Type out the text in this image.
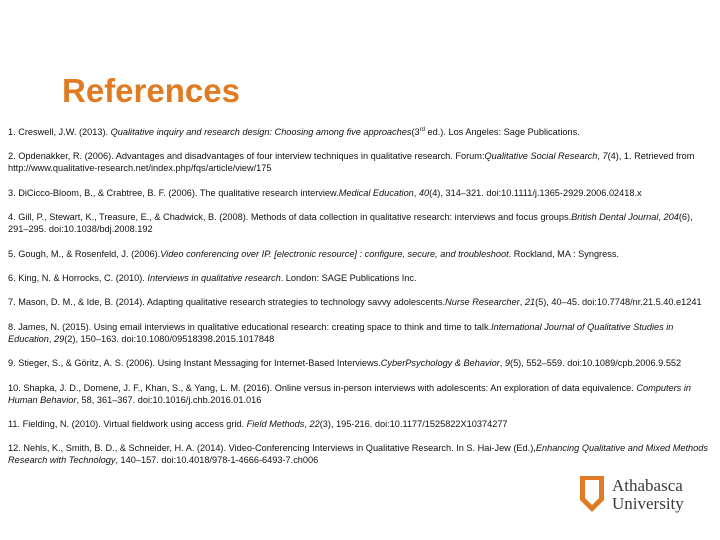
References

1. Creswell, J.W. (2013). Qualitative inquiry and research design: Choosing among five approaches(3rd ed.). Los Angeles: Sage Publications.

2. Opdenakker, R. (2006). Advantages and disadvantages of four interview techniques in qualitative research. Forum:Qualitative Social Research, 7(4), 1. Retrieved from http://www.qualitative-research.net/index.php/fqs/article/view/175

3. DiCicco-Bloom, B., & Crabtree, B. F. (2006). The qualitative research interview.Medical Education, 40(4), 314–321. doi:10.1111/j.1365-2929.2006.02418.x

4. Gill, P., Stewart, K., Treasure, E., & Chadwick, B. (2008). Methods of data collection in qualitative research: interviews and focus groups.British Dental Journal, 204(6), 291–295. doi:10.1038/bdj.2008.192

5. Gough, M., & Rosenfeld, J. (2006).Video conferencing over IP. [electronic resource] : configure, secure, and troubleshoot. Rockland, MA : Syngress.

6. King, N. & Horrocks, C. (2010). Interviews in qualitative research. London: SAGE Publications Inc.

7. Mason, D. M., & Ide, B. (2014). Adapting qualitative research strategies to technology savvy adolescents.Nurse Researcher, 21(5), 40–45. doi:10.7748/nr.21.5.40.e1241

8. James, N. (2015). Using email interviews in qualitative educational research: creating space to think and time to talk.International Journal of Qualitative Studies in Education, 29(2), 150–163. doi:10.1080/09518398.2015.1017848

9. Stieger, S., & Göritz, A. S. (2006). Using Instant Messaging for Internet-Based Interviews.CyberPsychology & Behavior, 9(5), 552–559. doi:10.1089/cpb.2006.9.552

10. Shapka, J. D., Domene, J. F., Khan, S., & Yang, L. M. (2016). Online versus in-person interviews with adolescents: An exploration of data equivalence. Computers in Human Behavior, 58, 361–367. doi:10.1016/j.chb.2016.01.016

11. Fielding, N. (2010). Virtual fieldwork using access grid. Field Methods, 22(3), 195-216. doi:10.1177/1525822X10374277

12. Nehls, K., Smith, B. D., & Schneider, H. A. (2014). Video-Conferencing Interviews in Qualitative Research. In S. Hai-Jew (Ed.),Enhancing Qualitative and Mixed Methods Research with Technology, 140–157. doi:10.4018/978-1-4666-6493-7.ch006

Athabasca
University
